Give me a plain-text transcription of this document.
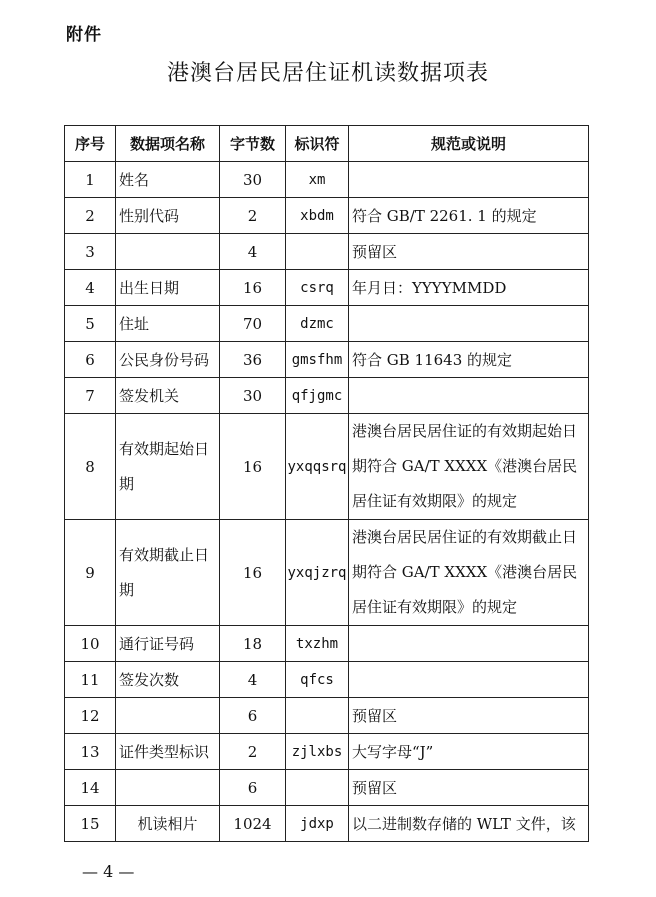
附件
港澳台居民居住证机读数据项表
序号	数据项名称	字节数	标识符	规范或说明
1	姓名	30	xm	
2	性别代码	2	xbdm	符合 GB/T 2261. 1 的规定
3		4		预留区
4	出生日期	16	csrq	年月日：YYYYMMDD
5	住址	70	dzmc	
6	公民身份号码	36	gmsfhm	符合 GB 11643 的规定
7	签发机关	30	qfjgmc	
8	有效期起始日期	16	yxqqsrq	港澳台居民居住证的有效期起始日期符合 GA/T XXXX《港澳台居民居住证有效期限》的规定
9	有效期截止日期	16	yxqjzrq	港澳台居民居住证的有效期截止日期符合 GA/T XXXX《港澳台居民居住证有效期限》的规定
10	通行证号码	18	txzhm	
11	签发次数	4	qfcs	
12		6		预留区
13	证件类型标识	2	zjlxbs	大写字母“J”
14		6		预留区
15	机读相片	1024	jdxp	以二进制数存储的 WLT 文件，该
— 4 —
